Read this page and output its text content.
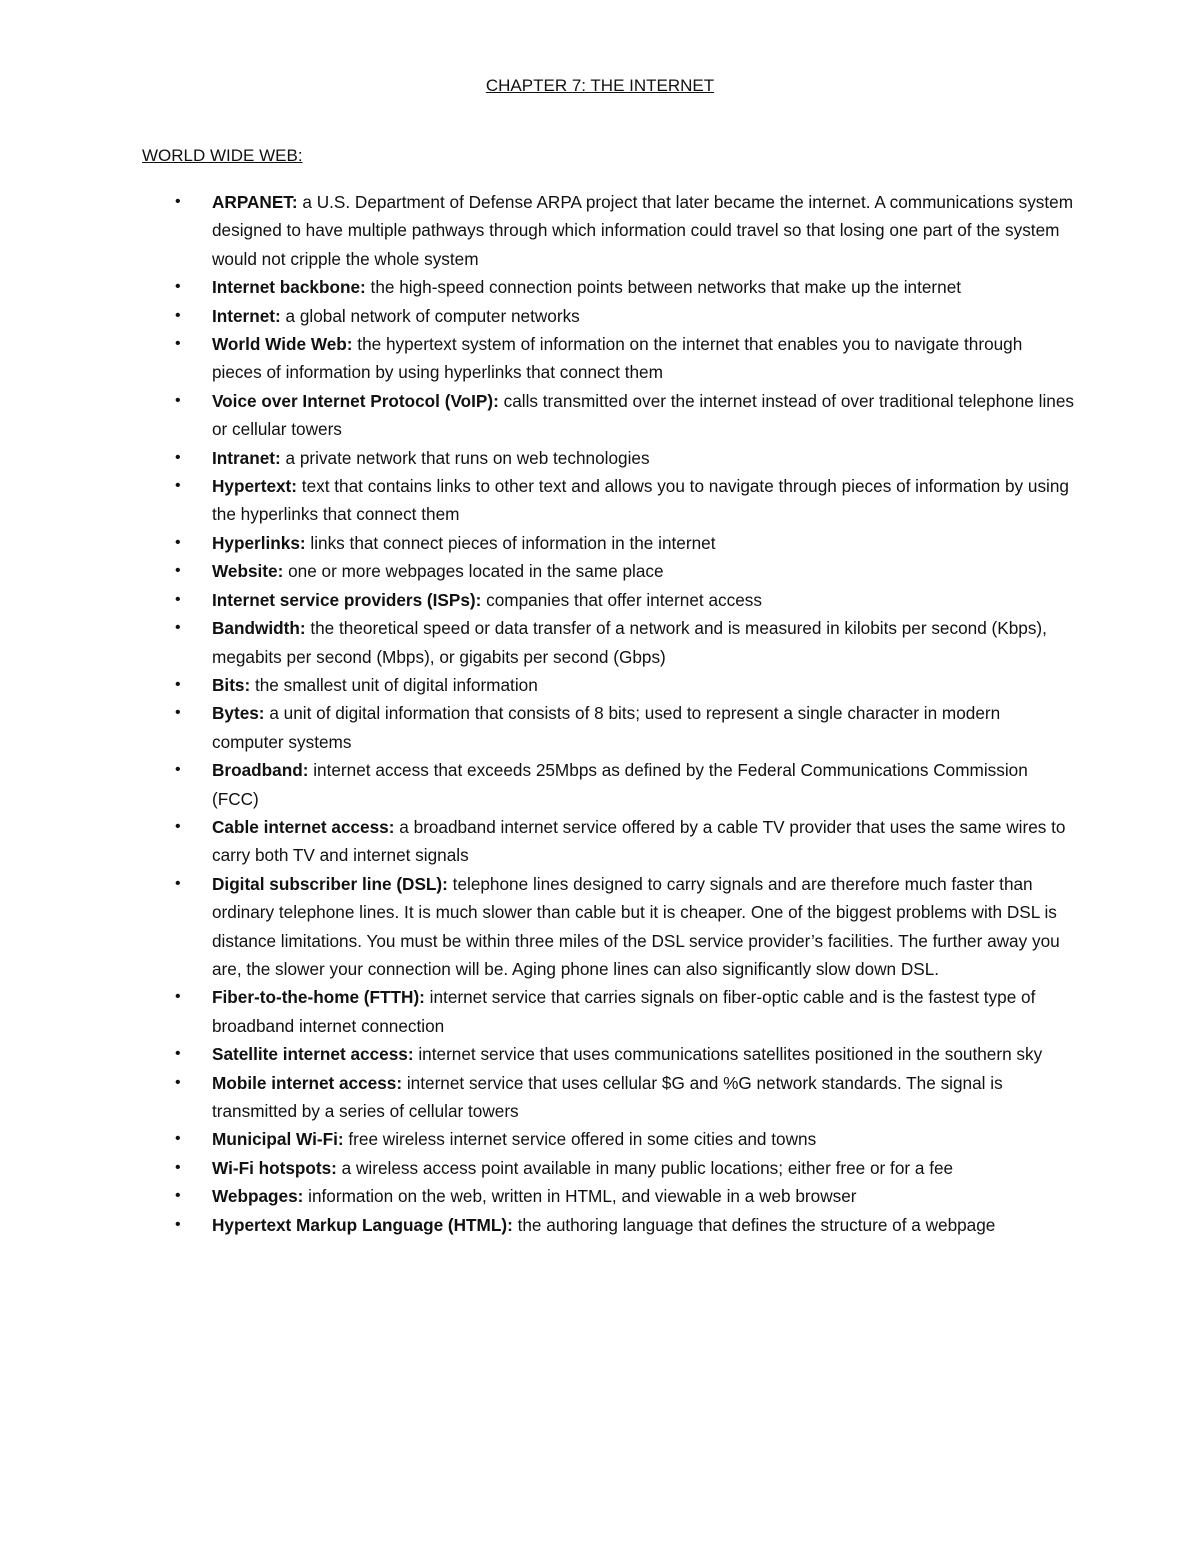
CHAPTER 7: THE INTERNET
WORLD WIDE WEB:
•	ARPANET: a U.S. Department of Defense ARPA project that later became the internet. A communications system designed to have multiple pathways through which information could travel so that losing one part of the system would not cripple the whole system
•	Internet backbone: the high-speed connection points between networks that make up the internet
•	Internet: a global network of computer networks
•	World Wide Web: the hypertext system of information on the internet that enables you to navigate through pieces of information by using hyperlinks that connect them
•	Voice over Internet Protocol (VoIP): calls transmitted over the internet instead of over traditional telephone lines or cellular towers
•	Intranet: a private network that runs on web technologies
•	Hypertext: text that contains links to other text and allows you to navigate through pieces of information by using the hyperlinks that connect them
•	Hyperlinks: links that connect pieces of information in the internet
•	Website: one or more webpages located in the same place
•	Internet service providers (ISPs): companies that offer internet access
•	Bandwidth: the theoretical speed or data transfer of a network and is measured in kilobits per second (Kbps), megabits per second (Mbps), or gigabits per second (Gbps)
•	Bits: the smallest unit of digital information
•	Bytes: a unit of digital information that consists of 8 bits; used to represent a single character in modern computer systems
•	Broadband: internet access that exceeds 25Mbps as defined by the Federal Communications Commission (FCC)
•	Cable internet access: a broadband internet service offered by a cable TV provider that uses the same wires to carry both TV and internet signals
•	Digital subscriber line (DSL): telephone lines designed to carry signals and are therefore much faster than ordinary telephone lines. It is much slower than cable but it is cheaper. One of the biggest problems with DSL is distance limitations. You must be within three miles of the DSL service provider’s facilities. The further away you are, the slower your connection will be. Aging phone lines can also significantly slow down DSL.
•	Fiber-to-the-home (FTTH): internet service that carries signals on fiber-optic cable and is the fastest type of broadband internet connection
•	Satellite internet access: internet service that uses communications satellites positioned in the southern sky
•	Mobile internet access: internet service that uses cellular $G and %G network standards. The signal is transmitted by a series of cellular towers
•	Municipal Wi-Fi: free wireless internet service offered in some cities and towns
•	Wi-Fi hotspots: a wireless access point available in many public locations; either free or for a fee
•	Webpages: information on the web, written in HTML, and viewable in a web browser
•	Hypertext Markup Language (HTML): the authoring language that defines the structure of a webpage
